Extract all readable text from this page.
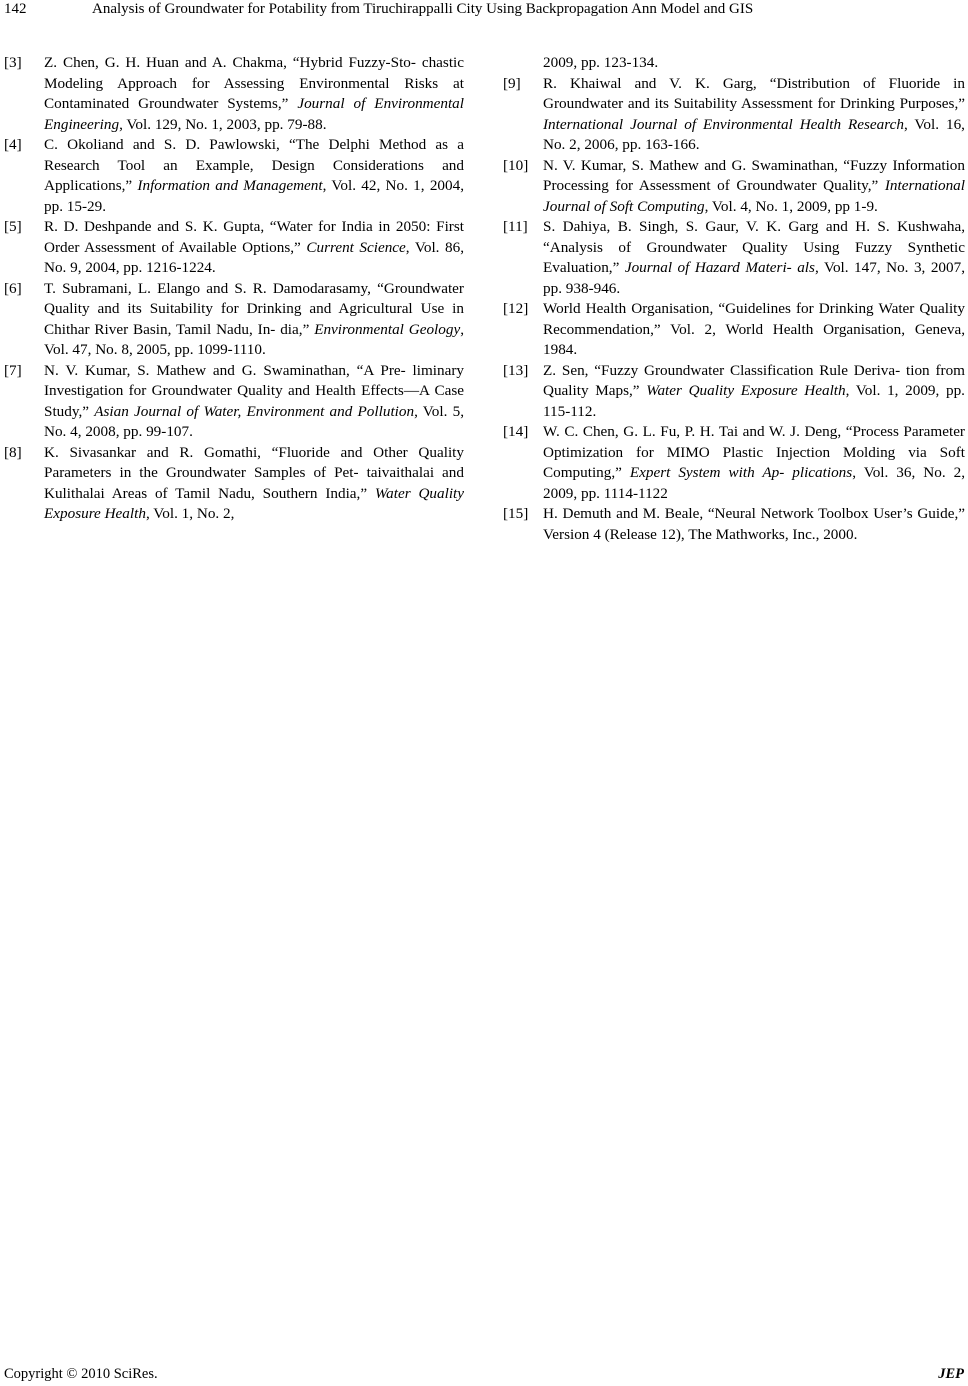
142	Analysis of Groundwater for Potability from Tiruchirappalli City Using Backpropagation Ann Model and GIS
[3] Z. Chen, G. H. Huan and A. Chakma, “Hybrid Fuzzy-Sto- chastic Modeling Approach for Assessing Environmental Risks at Contaminated Groundwater Systems,” Journal of Environmental Engineering, Vol. 129, No. 1, 2003, pp. 79-88.
[4] C. Okoliand and S. D. Pawlowski, “The Delphi Method as a Research Tool an Example, Design Considerations and Applications,” Information and Management, Vol. 42, No. 1, 2004, pp. 15-29.
[5] R. D. Deshpande and S. K. Gupta, “Water for India in 2050: First Order Assessment of Available Options,” Current Science, Vol. 86, No. 9, 2004, pp. 1216-1224.
[6] T. Subramani, L. Elango and S. R. Damodarasamy, “Groundwater Quality and its Suitability for Drinking and Agricultural Use in Chithar River Basin, Tamil Nadu, In- dia,” Environmental Geology, Vol. 47, No. 8, 2005, pp. 1099-1110.
[7] N. V. Kumar, S. Mathew and G. Swaminathan, “A Pre- liminary Investigation for Groundwater Quality and Health Effects—A Case Study,” Asian Journal of Water, Environment and Pollution, Vol. 5, No. 4, 2008, pp. 99-107.
[8] K. Sivasankar and R. Gomathi, “Fluoride and Other Quality Parameters in the Groundwater Samples of Pet- taivaithalai and Kulithalai Areas of Tamil Nadu, Southern India,” Water Quality Exposure Health, Vol. 1, No. 2,
2009, pp. 123-134.
[9] R. Khaiwal and V. K. Garg, “Distribution of Fluoride in Groundwater and its Suitability Assessment for Drinking Purposes,” International Journal of Environmental Health Research, Vol. 16, No. 2, 2006, pp. 163-166.
[10] N. V. Kumar, S. Mathew and G. Swaminathan, “Fuzzy Information Processing for Assessment of Groundwater Quality,” International Journal of Soft Computing, Vol. 4, No. 1, 2009, pp 1-9.
[11] S. Dahiya, B. Singh, S. Gaur, V. K. Garg and H. S. Kushwaha, “Analysis of Groundwater Quality Using Fuzzy Synthetic Evaluation,” Journal of Hazard Materi- als, Vol. 147, No. 3, 2007, pp. 938-946.
[12] World Health Organisation, “Guidelines for Drinking Water Quality Recommendation,” Vol. 2, World Health Organisation, Geneva, 1984.
[13] Z. Sen, “Fuzzy Groundwater Classification Rule Deriva- tion from Quality Maps,” Water Quality Exposure Health, Vol. 1, 2009, pp. 115-112.
[14] W. C. Chen, G. L. Fu, P. H. Tai and W. J. Deng, “Process Parameter Optimization for MIMO Plastic Injection Molding via Soft Computing,” Expert System with Ap- plications, Vol. 36, No. 2, 2009, pp. 1114-1122
[15] H. Demuth and M. Beale, “Neural Network Toolbox User’s Guide,” Version 4 (Release 12), The Mathworks, Inc., 2000.
Copyright © 2010 SciRes.	JEP
